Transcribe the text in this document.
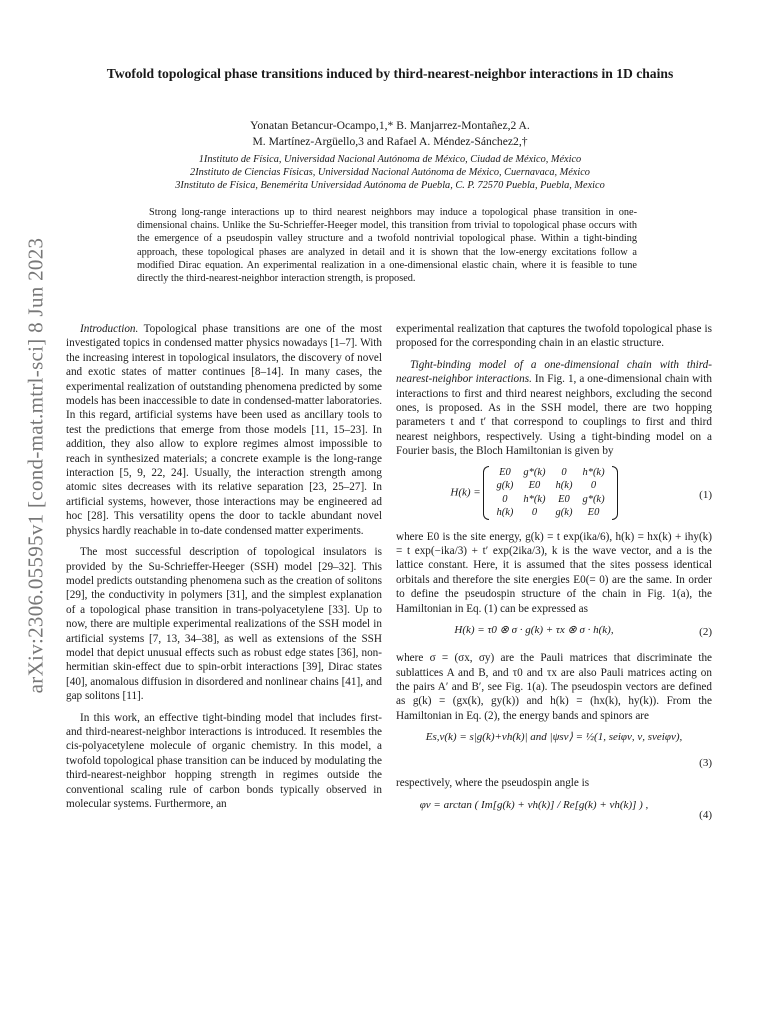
arXiv:2306.05595v1 [cond-mat.mtrl-sci] 8 Jun 2023
Twofold topological phase transitions induced by third-nearest-neighbor interactions in 1D chains
Yonatan Betancur-Ocampo,1,* B. Manjarrez-Montañez,2 A.
M. Martínez-Argüello,3 and Rafael A. Méndez-Sánchez2,†
1Instituto de Física, Universidad Nacional Autónoma de México, Ciudad de México, México
2Instituto de Ciencias Físicas, Universidad Nacional Autónoma de México, Cuernavaca, México
3Instituto de Física, Benemérita Universidad Autónoma de Puebla, C. P. 72570 Puebla, Puebla, Mexico
Strong long-range interactions up to third nearest neighbors may induce a topological phase transition in one-dimensional chains. Unlike the Su-Schrieffer-Heeger model, this transition from trivial to topological phase occurs with the emergence of a pseudospin valley structure and a twofold nontrivial topological phase. Within a tight-binding approach, these topological phases are analyzed in detail and it is shown that the low-energy excitations follow a modified Dirac equation. An experimental realization in a one-dimensional elastic chain, where it is feasible to tune directly the third-nearest-neighbor interaction strength, is proposed.

Introduction. Topological phase transitions are one of the most investigated topics in condensed matter physics nowadays [1–7]. With the increasing interest in topological insulators, the discovery of novel and exotic states of matter continues [8–14]. In many cases, the experimental realization of outstanding phenomena predicted by some models has been inaccessible to date in condensed-matter laboratories. In this regard, artificial systems have been used as ancillary tools to test the predictions that emerge from those models [11, 15–23]. In addition, they also allow to explore regimes almost impossible to reach in synthesized materials; a concrete example is the long-range interaction [5, 9, 22, 24]. Usually, the interaction strength among atomic sites decreases with its relative separation [23, 25–27]. In artificial systems, however, those interactions may be engineered ad hoc [28]. This versatility opens the door to tackle abundant novel physics hardly reachable in to-date condensed matter experiments.

The most successful description of topological insulators is provided by the Su-Schrieffer-Heeger (SSH) model [29–32]. This model predicts outstanding phenomena such as the creation of solitons [29], the conductivity in polymers [31], and the simplest explanation of a topological phase transition in trans-polyacetylene [33]. Up to now, there are multiple experimental realizations of the SSH model in artificial systems [7, 13, 34–38], as well as extensions of the SSH model that depict unusual effects such as robust edge states [36], non-hermitian skin-effect due to spin-orbit interactions [39], Dirac states [40], anomalous diffusion in disordered and nonlinear chains [41], and gap solitons [11].

In this work, an effective tight-binding model that includes first- and third-nearest-neighbor interactions is introduced. It resembles the cis-polyacetylene molecule of organic chemistry. In this model, a twofold topological phase transition can be induced by modulating the third-nearest-neighbor hopping strength in regimes outside the conventional scaling rule of carbon bonds typically observed in molecular systems. Furthermore, an

experimental realization that captures the twofold topological phase is proposed for the corresponding chain in an elastic structure.

Tight-binding model of a one-dimensional chain with third-nearest-neighbor interactions. In Fig. 1, a one-dimensional chain with interactions to first and third nearest neighbors, excluding the second ones, is proposed. As in the SSH model, there are two hopping parameters t and t′ that correspond to couplings to first and third nearest neighbors, respectively. Using a tight-binding model on a Fourier basis, the Bloch Hamiltonian is given by

H(k) =
E0	g*(k)	0	h*(k)
g(k)	E0	h(k)	0
0	h*(k)	E0	g*(k)
h(k)	0	g(k)	E0
(1)

where E0 is the site energy, g(k) = t exp(ika/6), h(k) = hx(k) + ihy(k) = t exp(−ika/3) + t′ exp(2ika/3), k is the wave vector, and a is the lattice constant. Here, it is assumed that the sites possess identical orbitals and therefore the site energies E0(= 0) are the same. In order to define the pseudospin structure of the chain in Fig. 1(a), the Hamiltonian in Eq. (1) can be expressed as

H(k) = τ0 ⊗ σ · g(k) + τx ⊗ σ · h(k),	(2)

where σ = (σx, σy) are the Pauli matrices that discriminate the sublattices A and B, and τ0 and τx are also Pauli matrices acting on the pairs A′ and B′, see Fig. 1(a). The pseudospin vectors are defined as g(k) = (gx(k), gy(k)) and h(k) = (hx(k), hy(k)). From the Hamiltonian in Eq. (2), the energy bands and spinors are

Es,ν(k) = s|g(k)+νh(k)| and |ψsν⟩ = ½(1, seiφν, ν, sνeiφν),
(3)

respectively, where the pseudospin angle is

φν = arctan ( Im[g(k) + νh(k)] / Re[g(k) + νh(k)] ) ,
(4)
